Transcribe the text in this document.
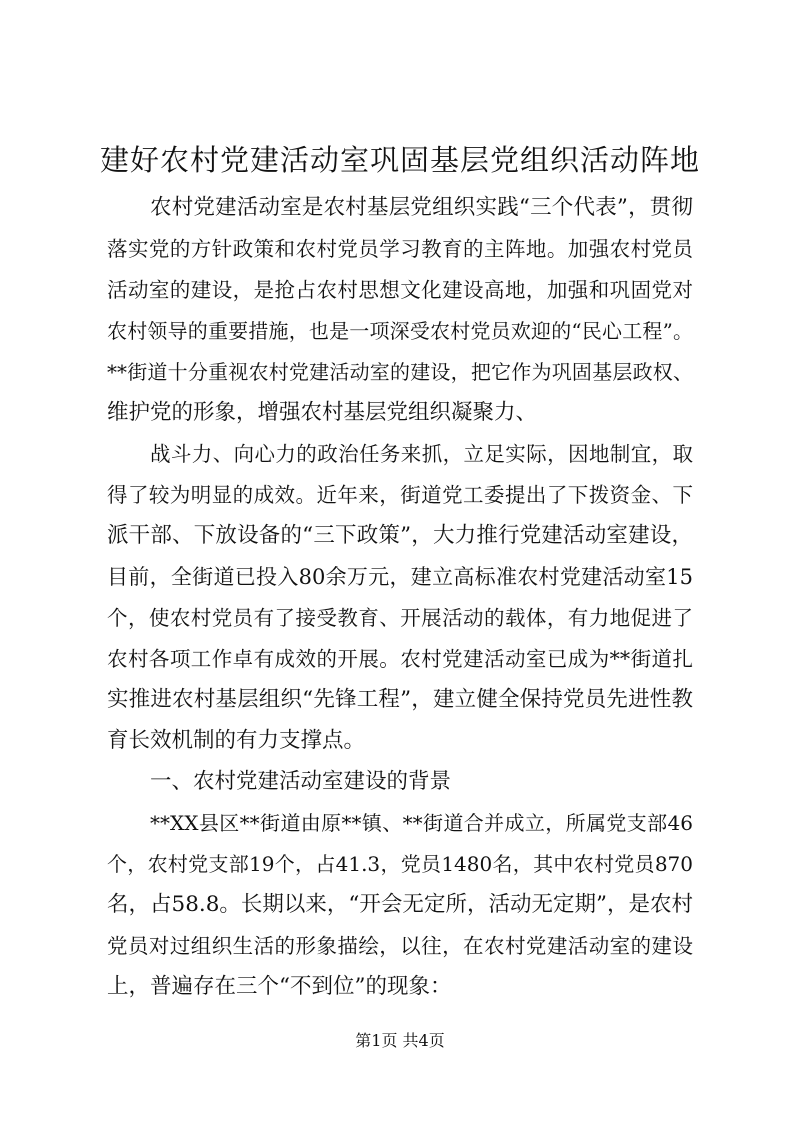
建好农村党建活动室巩固基层党组织活动阵地

农村党建活动室是农村基层党组织实践“三个代表”，贯彻

落实党的方针政策和农村党员学习教育的主阵地。加强农村党员

活动室的建设，是抢占农村思想文化建设高地，加强和巩固党对

农村领导的重要措施，也是一项深受农村党员欢迎的“民心工程”。

**街道十分重视农村党建活动室的建设，把它作为巩固基层政权、

维护党的形象，增强农村基层党组织凝聚力、

战斗力、向心力的政治任务来抓，立足实际，因地制宜，取

得了较为明显的成效。近年来，街道党工委提出了下拨资金、下

派干部、下放设备的“三下政策”，大力推行党建活动室建设，

目前，全街道已投入80余万元，建立高标准农村党建活动室15

个，使农村党员有了接受教育、开展活动的载体，有力地促进了

农村各项工作卓有成效的开展。农村党建活动室已成为**街道扎

实推进农村基层组织“先锋工程”，建立健全保持党员先进性教

育长效机制的有力支撑点。

一、农村党建活动室建设的背景

**XX县区**街道由原**镇、**街道合并成立，所属党支部46

个，农村党支部19个，占41.3，党员1480名，其中农村党员870

名，占58.8。长期以来，“开会无定所，活动无定期”，是农村

党员对过组织生活的形象描绘，以往，在农村党建活动室的建设

上，普遍存在三个“不到位”的现象：

第1页 共4页
